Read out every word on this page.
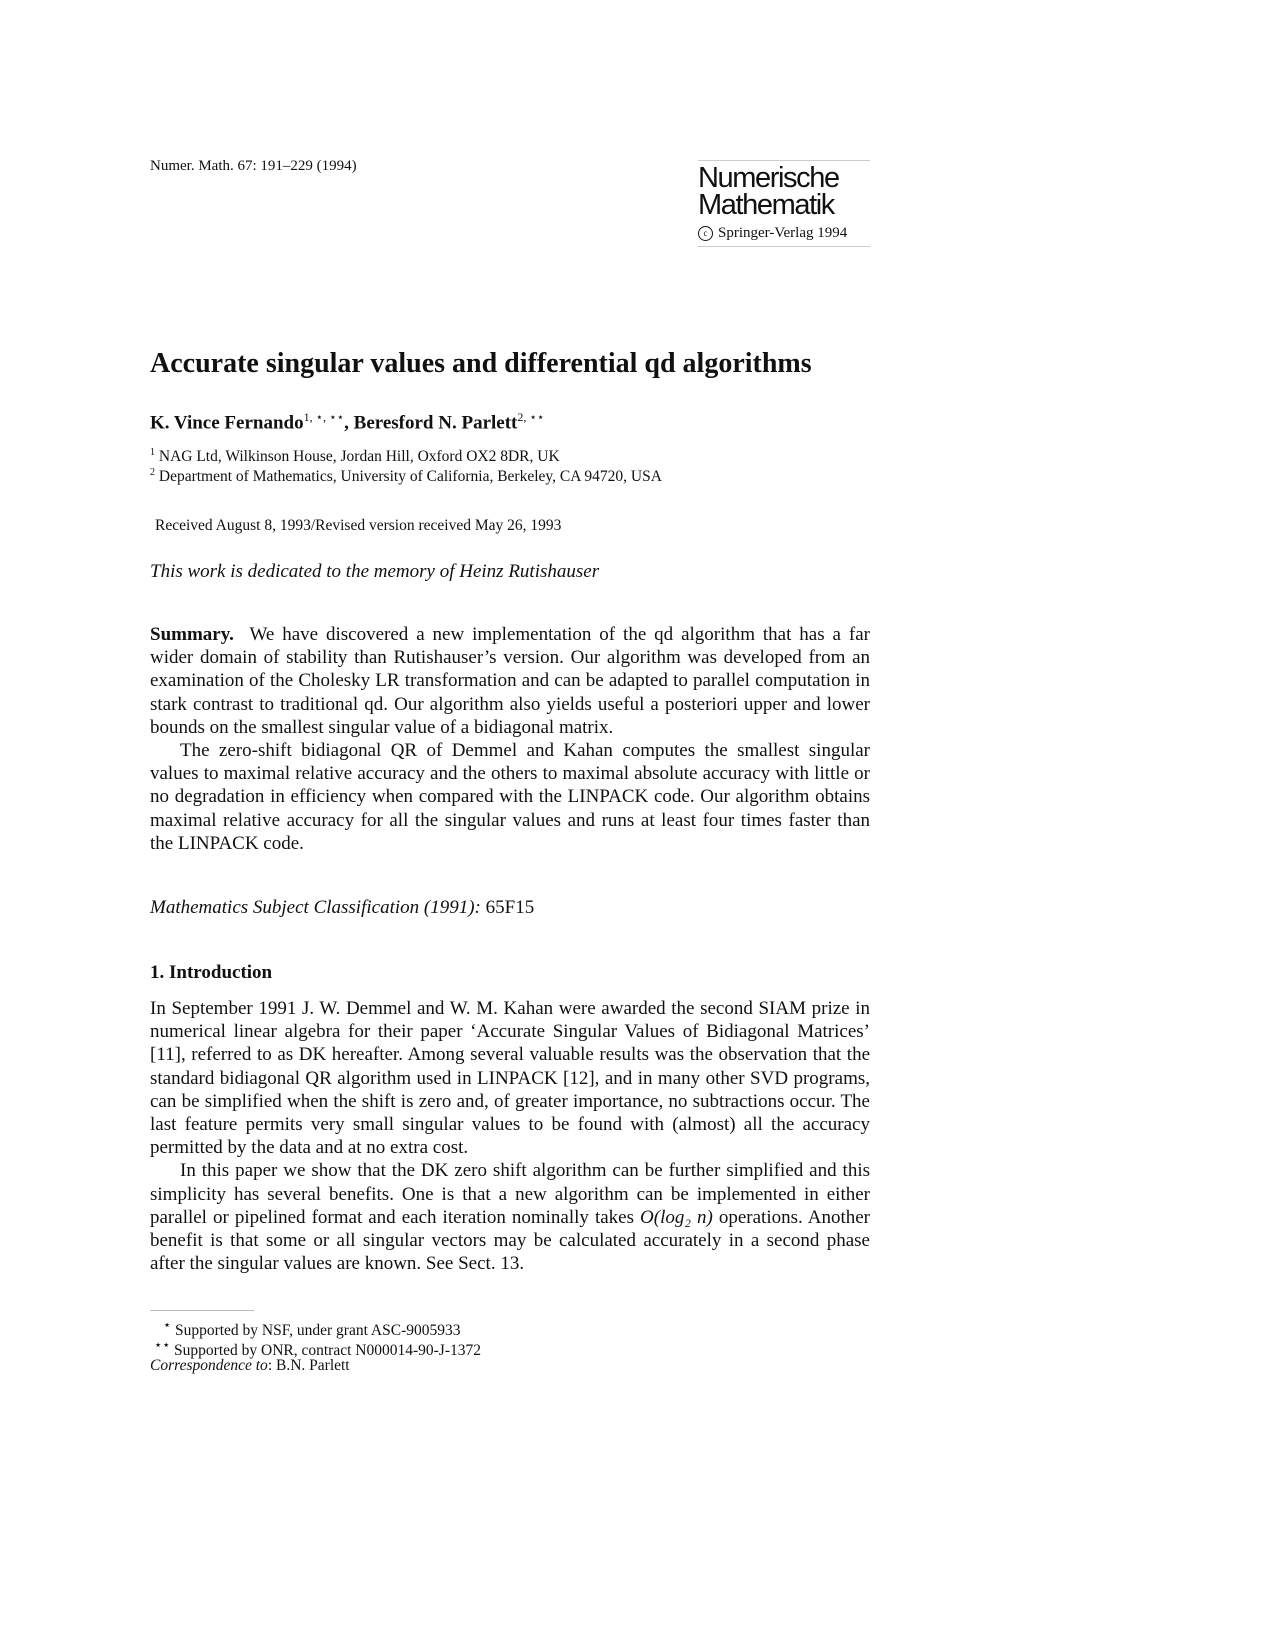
Numer. Math. 67: 191–229 (1994)	Numerische
Mathematik
c Springer-Verlag 1994
Accurate singular values and differential qd algorithms
K. Vince Fernando$^{1, ⋆, ⋆⋆}$, Beresford N. Parlett$^{2, ⋆⋆}$
$^1$ NAG Ltd, Wilkinson House, Jordan Hill, Oxford OX2 8DR, UK
$^2$ Department of Mathematics, University of California, Berkeley, CA 94720, USA
Received August 8, 1993/Revised version received May 26, 1993
This work is dedicated to the memory of Heinz Rutishauser

Summary. We have discovered a new implementation of the qd algorithm that has a far wider domain of stability than Rutishauser’s version. Our algorithm was developed from an examination of the Cholesky LR transformation and can be adapted to parallel computation in stark contrast to traditional qd. Our algorithm also yields useful a posteriori upper and lower bounds on the smallest singular value of a bidiagonal matrix.

The zero-shift bidiagonal QR of Demmel and Kahan computes the smallest singular values to maximal relative accuracy and the others to maximal absolute accuracy with little or no degradation in efficiency when compared with the LINPACK code. Our algorithm obtains maximal relative accuracy for all the singular values and runs at least four times faster than the LINPACK code.

Mathematics Subject Classification (1991): 65F15
1. Introduction

In September 1991 J. W. Demmel and W. M. Kahan were awarded the second SIAM prize in numerical linear algebra for their paper ‘Accurate Singular Values of Bidiagonal Matrices’ [11], referred to as DK hereafter. Among several valuable results was the observation that the standard bidiagonal QR algorithm used in LINPACK [12], and in many other SVD programs, can be simplified when the shift is zero and, of greater importance, no subtractions occur. The last feature permits very small singular values to be found with (almost) all the accuracy permitted by the data and at no extra cost.

In this paper we show that the DK zero shift algorithm can be further simplified and this simplicity has several benefits. One is that a new algorithm can be implemented in either parallel or pipelined format and each iteration nominally takes O(log₂ n) operations. Another benefit is that some or all singular vectors may be calculated accurately in a second phase after the singular values are known. See Sect. 13.

⋆ Supported by NSF, under grant ASC-9005933
⋆⋆ Supported by ONR, contract N000014-90-J-1372
Correspondence to: B.N. Parlett
